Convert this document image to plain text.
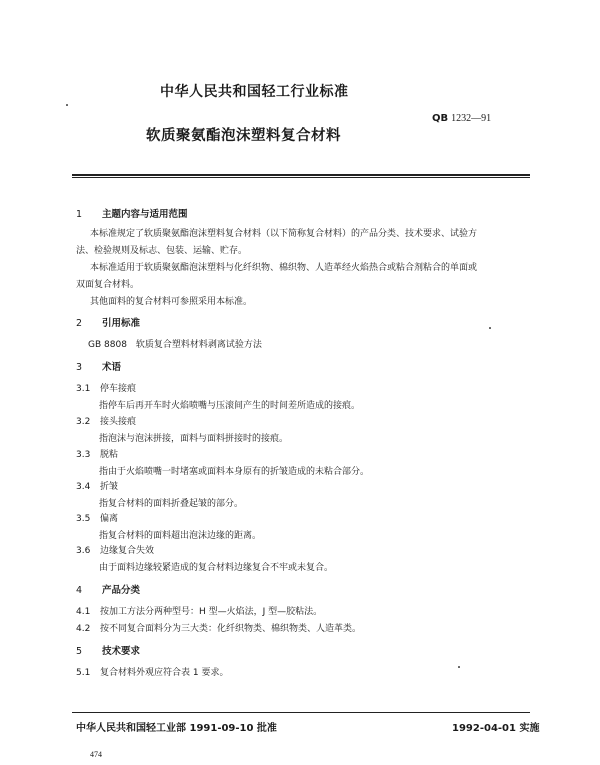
中华人民共和国轻工行业标准
QB 1232—91
软质聚氨酯泡沫塑料复合材料
1 主题内容与适用范围
本标准规定了软质聚氨酯泡沫塑料复合材料（以下简称复合材料）的产品分类、技术要求、试验方
法、检验规则及标志、包装、运输、贮存。
本标准适用于软质聚氨酯泡沫塑料与化纤织物、棉织物、人造革经火焰热合或粘合剂粘合的单面或
双面复合材料。
其他面料的复合材料可参照采用本标准。
2 引用标准
GB 8808　软质复合塑料材料剥离试验方法
3 术语
3.1 停车接痕
指停车后再开车时火焰喷嘴与压滚间产生的时间差所造成的接痕。
3.2 接头接痕
指泡沫与泡沫拼接，面料与面料拼接时的接痕。
3.3 脱粘
指由于火焰喷嘴一时堵塞或面料本身原有的折皱造成的未粘合部分。
3.4 折皱
指复合材料的面料折叠起皱的部分。
3.5 偏离
指复合材料的面料超出泡沫边缘的距离。
3.6 边缘复合失效
由于面料边缘较紧造成的复合材料边缘复合不牢或未复合。
4 产品分类
4.1 按加工方法分两种型号：H 型—火焰法，J 型—胶粘法。
4.2 按不同复合面料分为三大类：化纤织物类、棉织物类、人造革类。
5 技术要求
5.1 复合材料外观应符合表 1 要求。
中华人民共和国轻工业部 1991-09-10 批准	1992-04-01 实施
474
